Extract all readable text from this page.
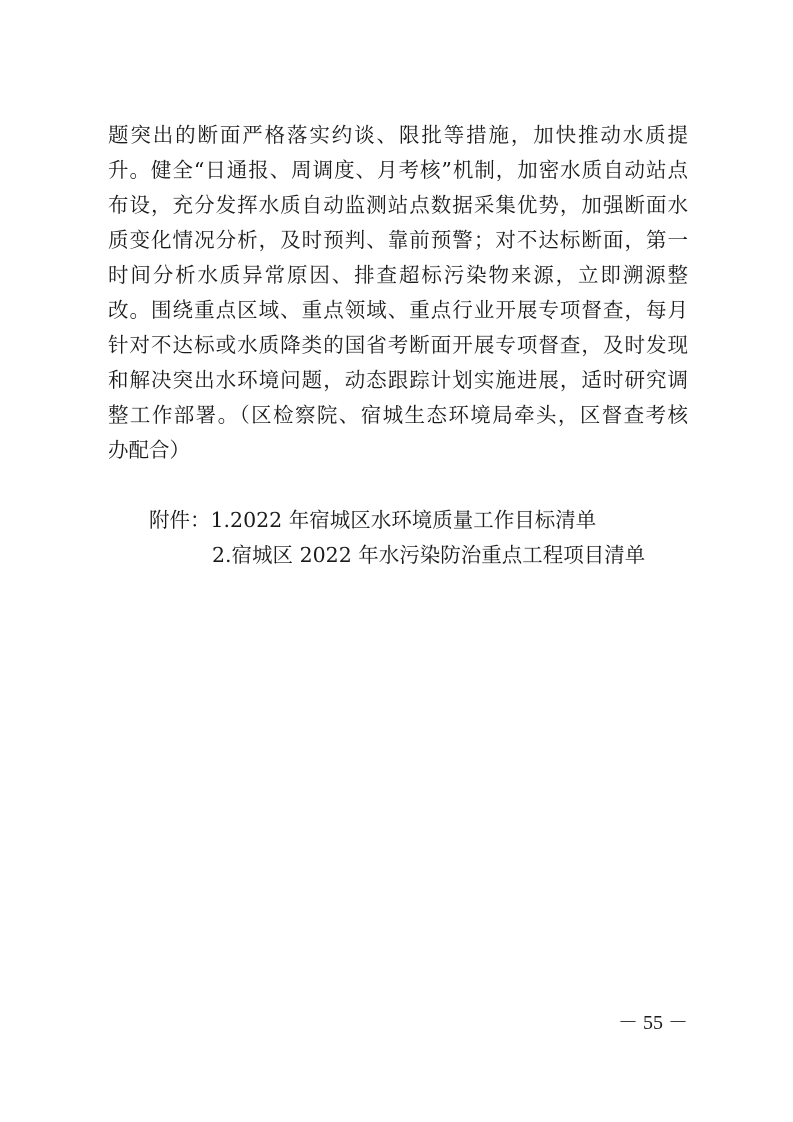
题突出的断面严格落实约谈、限批等措施，加快推动水质提
升。健全“日通报、周调度、月考核”机制，加密水质自动站点
布设，充分发挥水质自动监测站点数据采集优势，加强断面水
质变化情况分析，及时预判、靠前预警；对不达标断面，第一
时间分析水质异常原因、排查超标污染物来源，立即溯源整
改。围绕重点区域、重点领域、重点行业开展专项督查，每月
针对不达标或水质降类的国省考断面开展专项督查，及时发现
和解决突出水环境问题，动态跟踪计划实施进展，适时研究调
整工作部署。（区检察院、宿城生态环境局牵头，区督查考核
办配合）
附件：1.2022 年宿城区水环境质量工作目标清单
2.宿城区 2022 年水污染防治重点工程项目清单
－ 55 －
